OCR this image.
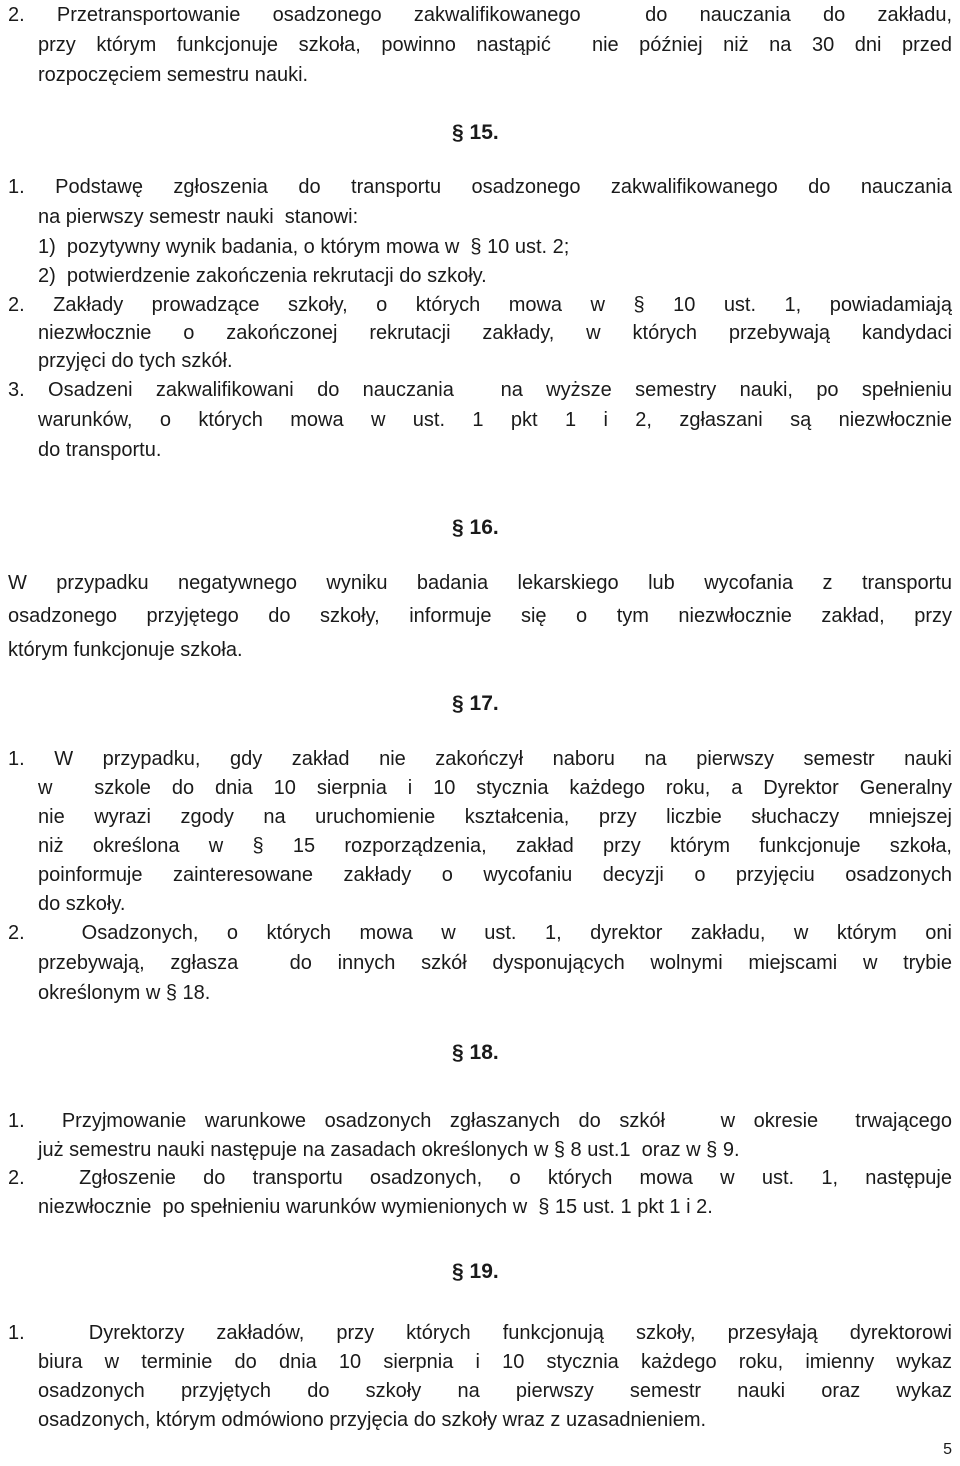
2. Przetransportowanie osadzonego zakwalifikowanego  do nauczania do zakładu,
przy którym funkcjonuje szkoła, powinno nastąpić  nie później niż na 30 dni przed
rozpoczęciem semestru nauki.
§ 15.
1. Podstawę zgłoszenia do transportu osadzonego zakwalifikowanego do nauczania
na pierwszy semestr nauki  stanowi:
1)  pozytywny wynik badania, o którym mowa w  § 10 ust. 2;
2)  potwierdzenie zakończenia rekrutacji do szkoły.
2. Zakłady prowadzące szkoły, o których mowa w § 10 ust. 1, powiadamiają
niezwłocznie o zakończonej rekrutacji zakłady, w których przebywają kandydaci
przyjęci do tych szkół.
3. Osadzeni zakwalifikowani do nauczania  na wyższe semestry nauki, po spełnieniu
warunków, o których mowa w ust. 1 pkt 1 i 2, zgłaszani są niezwłocznie
do transportu.
§ 16.
W przypadku negatywnego wyniku badania lekarskiego lub wycofania z transportu
osadzonego przyjętego do szkoły, informuje się o tym niezwłocznie zakład, przy
którym funkcjonuje szkoła.
§ 17.
1. W przypadku, gdy zakład nie zakończył naboru na pierwszy semestr nauki
w  szkole do dnia 10 sierpnia i 10 stycznia każdego roku, a Dyrektor Generalny
nie wyrazi zgody na uruchomienie kształcenia, przy liczbie słuchaczy mniejszej
niż określona w § 15 rozporządzenia, zakład przy którym funkcjonuje szkoła,
poinformuje zainteresowane zakłady o wycofaniu decyzji o przyjęciu osadzonych
do szkoły.
2.  Osadzonych, o których mowa w ust. 1, dyrektor zakładu, w którym oni
przebywają, zgłasza  do innych szkół dysponujących wolnymi miejscami w trybie
określonym w § 18.
§ 18.
1.  Przyjmowanie warunkowe osadzonych zgłaszanych do szkół   w okresie  trwającego
już semestru nauki następuje na zasadach określonych w § 8 ust.1  oraz w § 9.
2.  Zgłoszenie do transportu osadzonych, o których mowa w ust. 1, następuje
niezwłocznie  po spełnieniu warunków wymienionych w  § 15 ust. 1 pkt 1 i 2.
§ 19.
1.  Dyrektorzy zakładów, przy których funkcjonują szkoły, przesyłają dyrektorowi
biura w terminie do dnia 10 sierpnia i 10 stycznia każdego roku, imienny wykaz
osadzonych przyjętych do szkoły na pierwszy semestr nauki oraz wykaz
osadzonych, którym odmówiono przyjęcia do szkoły wraz z uzasadnieniem.
5
